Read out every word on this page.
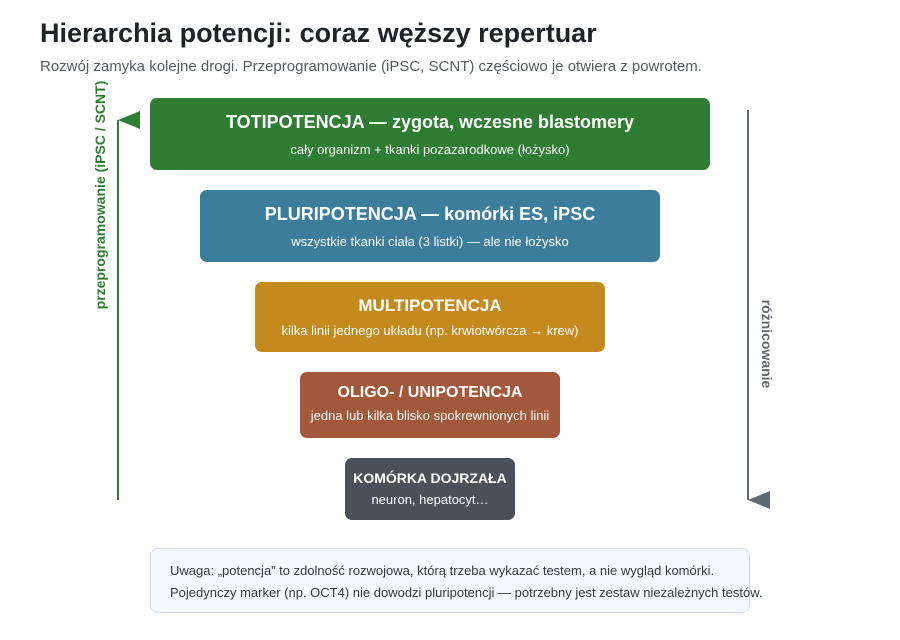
Hierarchia potencji: coraz węższy repertuar
Rozwój zamyka kolejne drogi. Przeprogramowanie (iPSC, SCNT) częściowo je otwiera z powrotem.
przeprogramowanie (iPSC / SCNT)
różnicowanie
TOTIPOTENCJA — zygota, wczesne blastomery
cały organizm + tkanki pozazarodkowe (łożysko)
PLURIPOTENCJA — komórki ES, iPSC
wszystkie tkanki ciała (3 listki) — ale nie łożysko
MULTIPOTENCJA
kilka linii jednego układu (np. krwiotwórcza → krew)
OLIGO- / UNIPOTENCJA
jedna lub kilka blisko spokrewnionych linii
KOMÓRKA DOJRZAŁA
neuron, hepatocyt…
Uwaga: „potencja” to zdolność rozwojowa, którą trzeba wykazać testem, a nie wygląd komórki.
Pojedynczy marker (np. OCT4) nie dowodzi pluripotencji — potrzebny jest zestaw niezależnych testów.
